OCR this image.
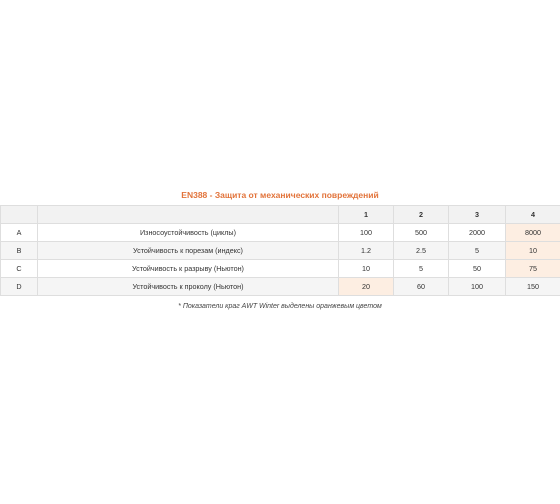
EN388 - Защита от механических повреждений
		1	2	3	4
A	Износоустойчивость (циклы)	100	500	2000	8000
B	Устойчивость к порезам (индекс)	1.2	2.5	5	10
C	Устойчивость к разрыву (Ньютон)	10	5	50	75
D	Устойчивость к проколу (Ньютон)	20	60	100	150
* Показатели краг AWT Winter выделены оранжевым цветом
